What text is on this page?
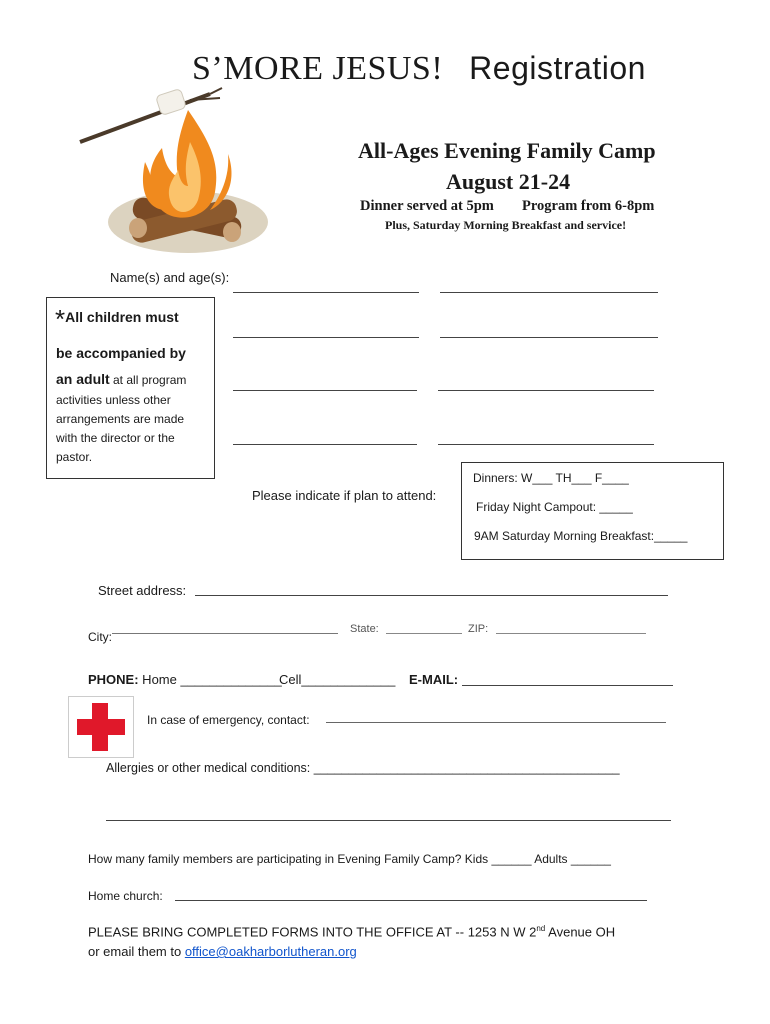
S’MORE JESUS! Registration
All-Ages Evening Family Camp
August 21-24
Dinner served at 5pm Program from 6-8pm
Plus, Saturday Morning Breakfast and service!
Name(s) and age(s):
*All children must
be accompanied by
an adult at all program
activities unless other
arrangements are made
with the director or the
pastor.
Please indicate if plan to attend:
Dinners: W___ TH___ F____
Friday Night Campout: _____
9AM Saturday Morning Breakfast:_____
Street address:
City:
State:	ZIP:
PHONE: Home ______________
Cell_____________ E-MAIL:
In case of emergency, contact:
Allergies or other medical conditions: ____________________________________________
How many family members are participating in Evening Family Camp? Kids ______ Adults ______
Home church:
PLEASE BRING COMPLETED FORMS INTO THE OFFICE AT -- 1253 N W 2nd Avenue OH
or email them to office@oakharborlutheran.org
